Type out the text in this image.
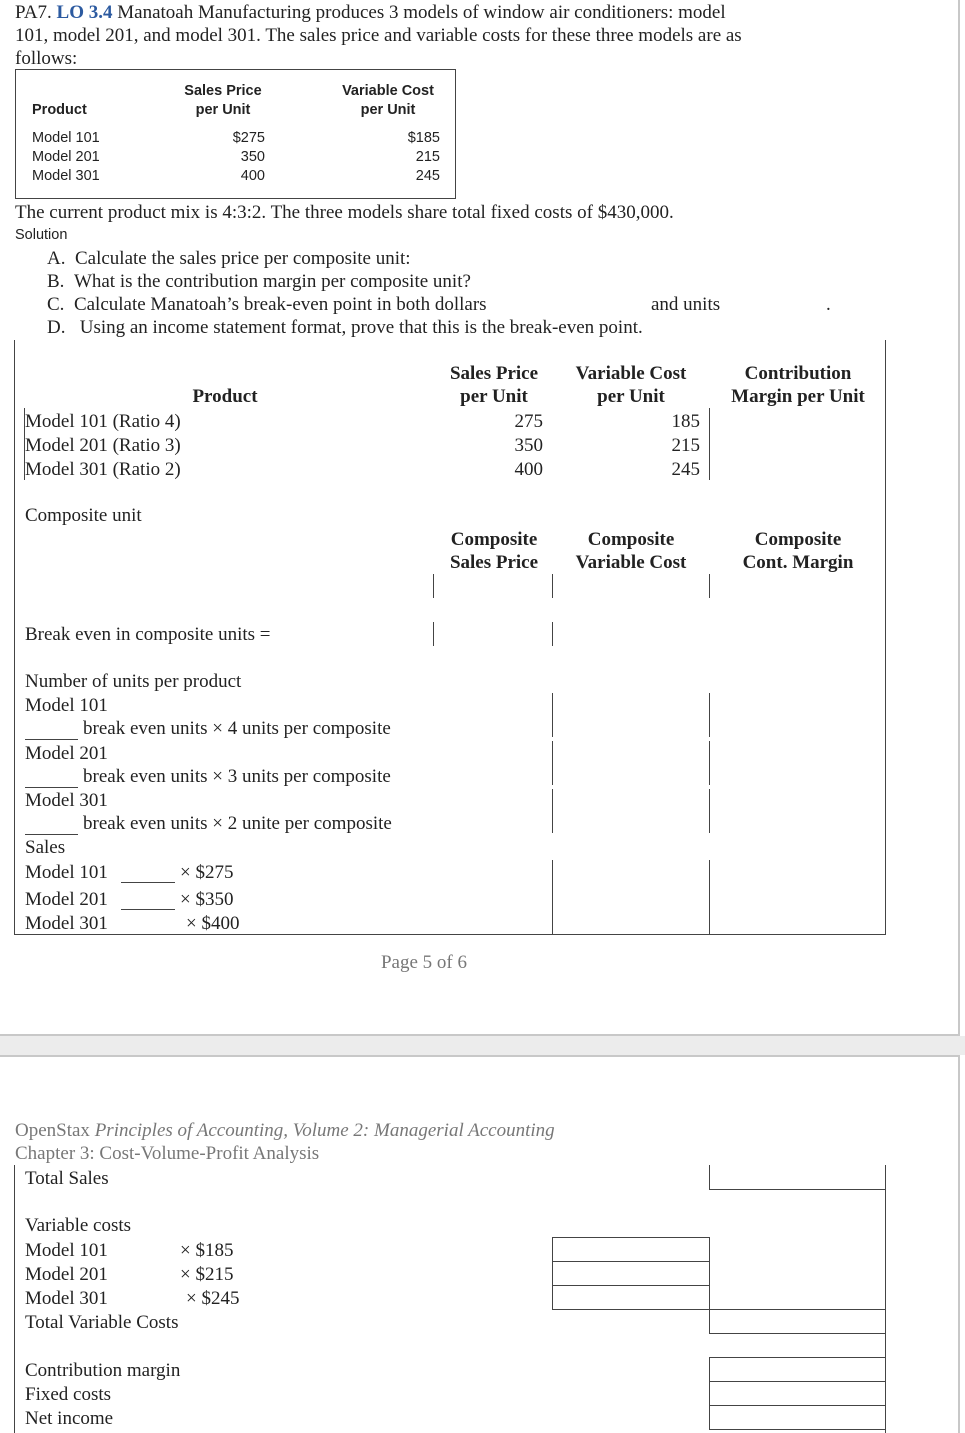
PA7. LO 3.4 Manatoah Manufacturing produces 3 models of window air conditioners: model
101, model 201, and model 301. The sales price and variable costs for these three models are as
follows:
Product
Sales Price
per Unit
Variable Cost
per Unit
Model 101	$275	$185
Model 201	350	215
Model 301	400	245
The current product mix is 4:3:2. The three models share total fixed costs of $430,000.
Solution
A. Calculate the sales price per composite unit:
B. What is the contribution margin per composite unit?
C. Calculate Manatoah’s break-even point in both dollars	and units	.
D. Using an income statement format, prove that this is the break-even point.
Product
Sales Price
per Unit
Variable Cost
per Unit
Contribution
Margin per Unit
Model 101 (Ratio 4)	275	185
Model 201 (Ratio 3)	350	215
Model 301 (Ratio 2)	400	245
Composite unit
Composite
Sales Price
Composite
Variable Cost
Composite
Cont. Margin
Break even in composite units =
Number of units per product
Model 101
break even units × 4 units per composite
Model 201
break even units × 3 units per composite
Model 301
break even units × 2 unite per composite
Sales
Model 101	× $275
Model 201	× $350
Model 301	× $400
Page 5 of 6
OpenStax Principles of Accounting, Volume 2: Managerial Accounting
Chapter 3: Cost-Volume-Profit Analysis
Total Sales
Variable costs
Model 101	× $185
Model 201	× $215
Model 301	× $245
Total Variable Costs
Contribution margin
Fixed costs
Net income
